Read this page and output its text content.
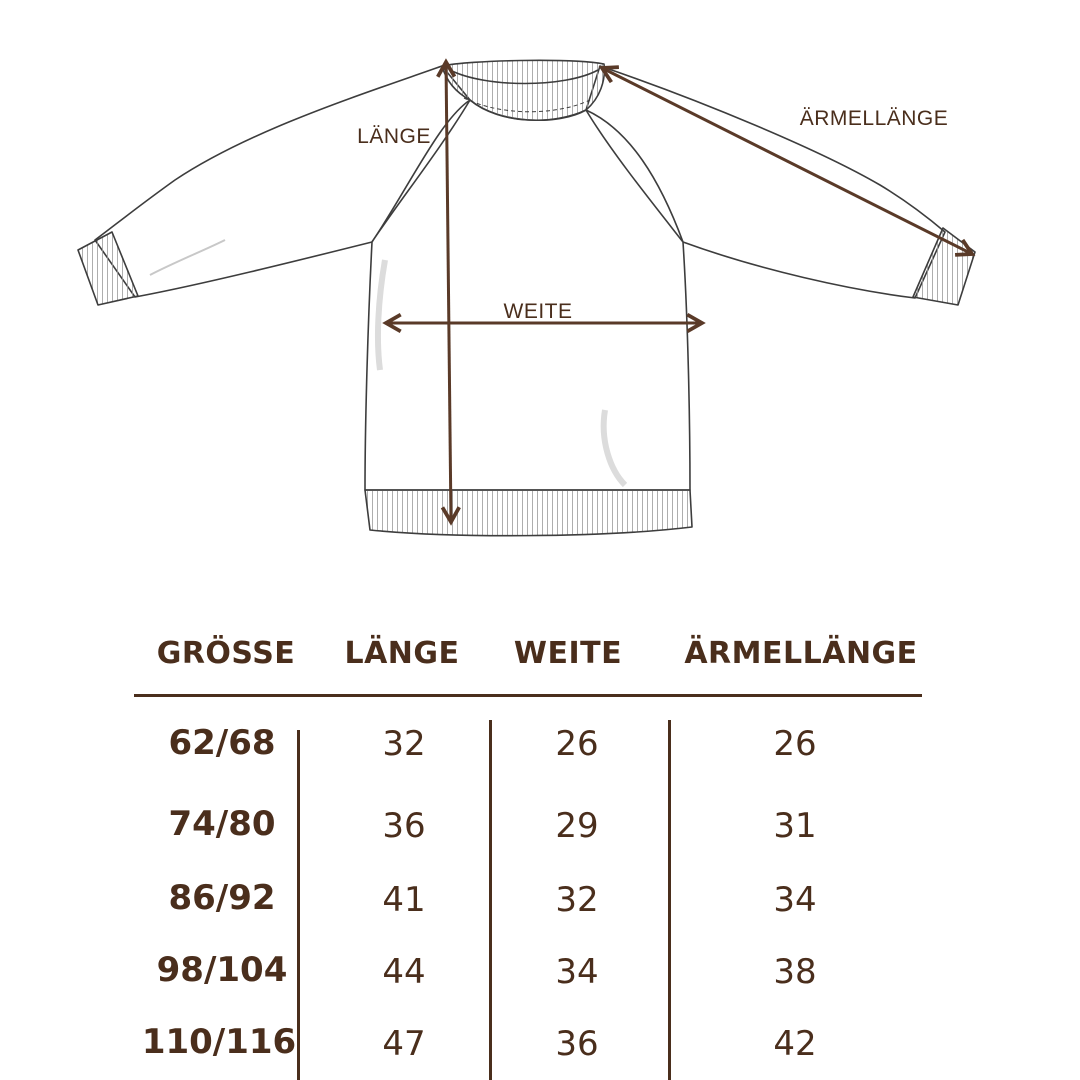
LÄNGE
WEITE
ÄRMELLÄNGE
GRÖSSE LÄNGE WEITE ÄRMELLÄNGE
62/68	32	26	26
74/80	36	29	31
86/92	41	32	34
98/104	44	34	38
110/116	47	36	42
